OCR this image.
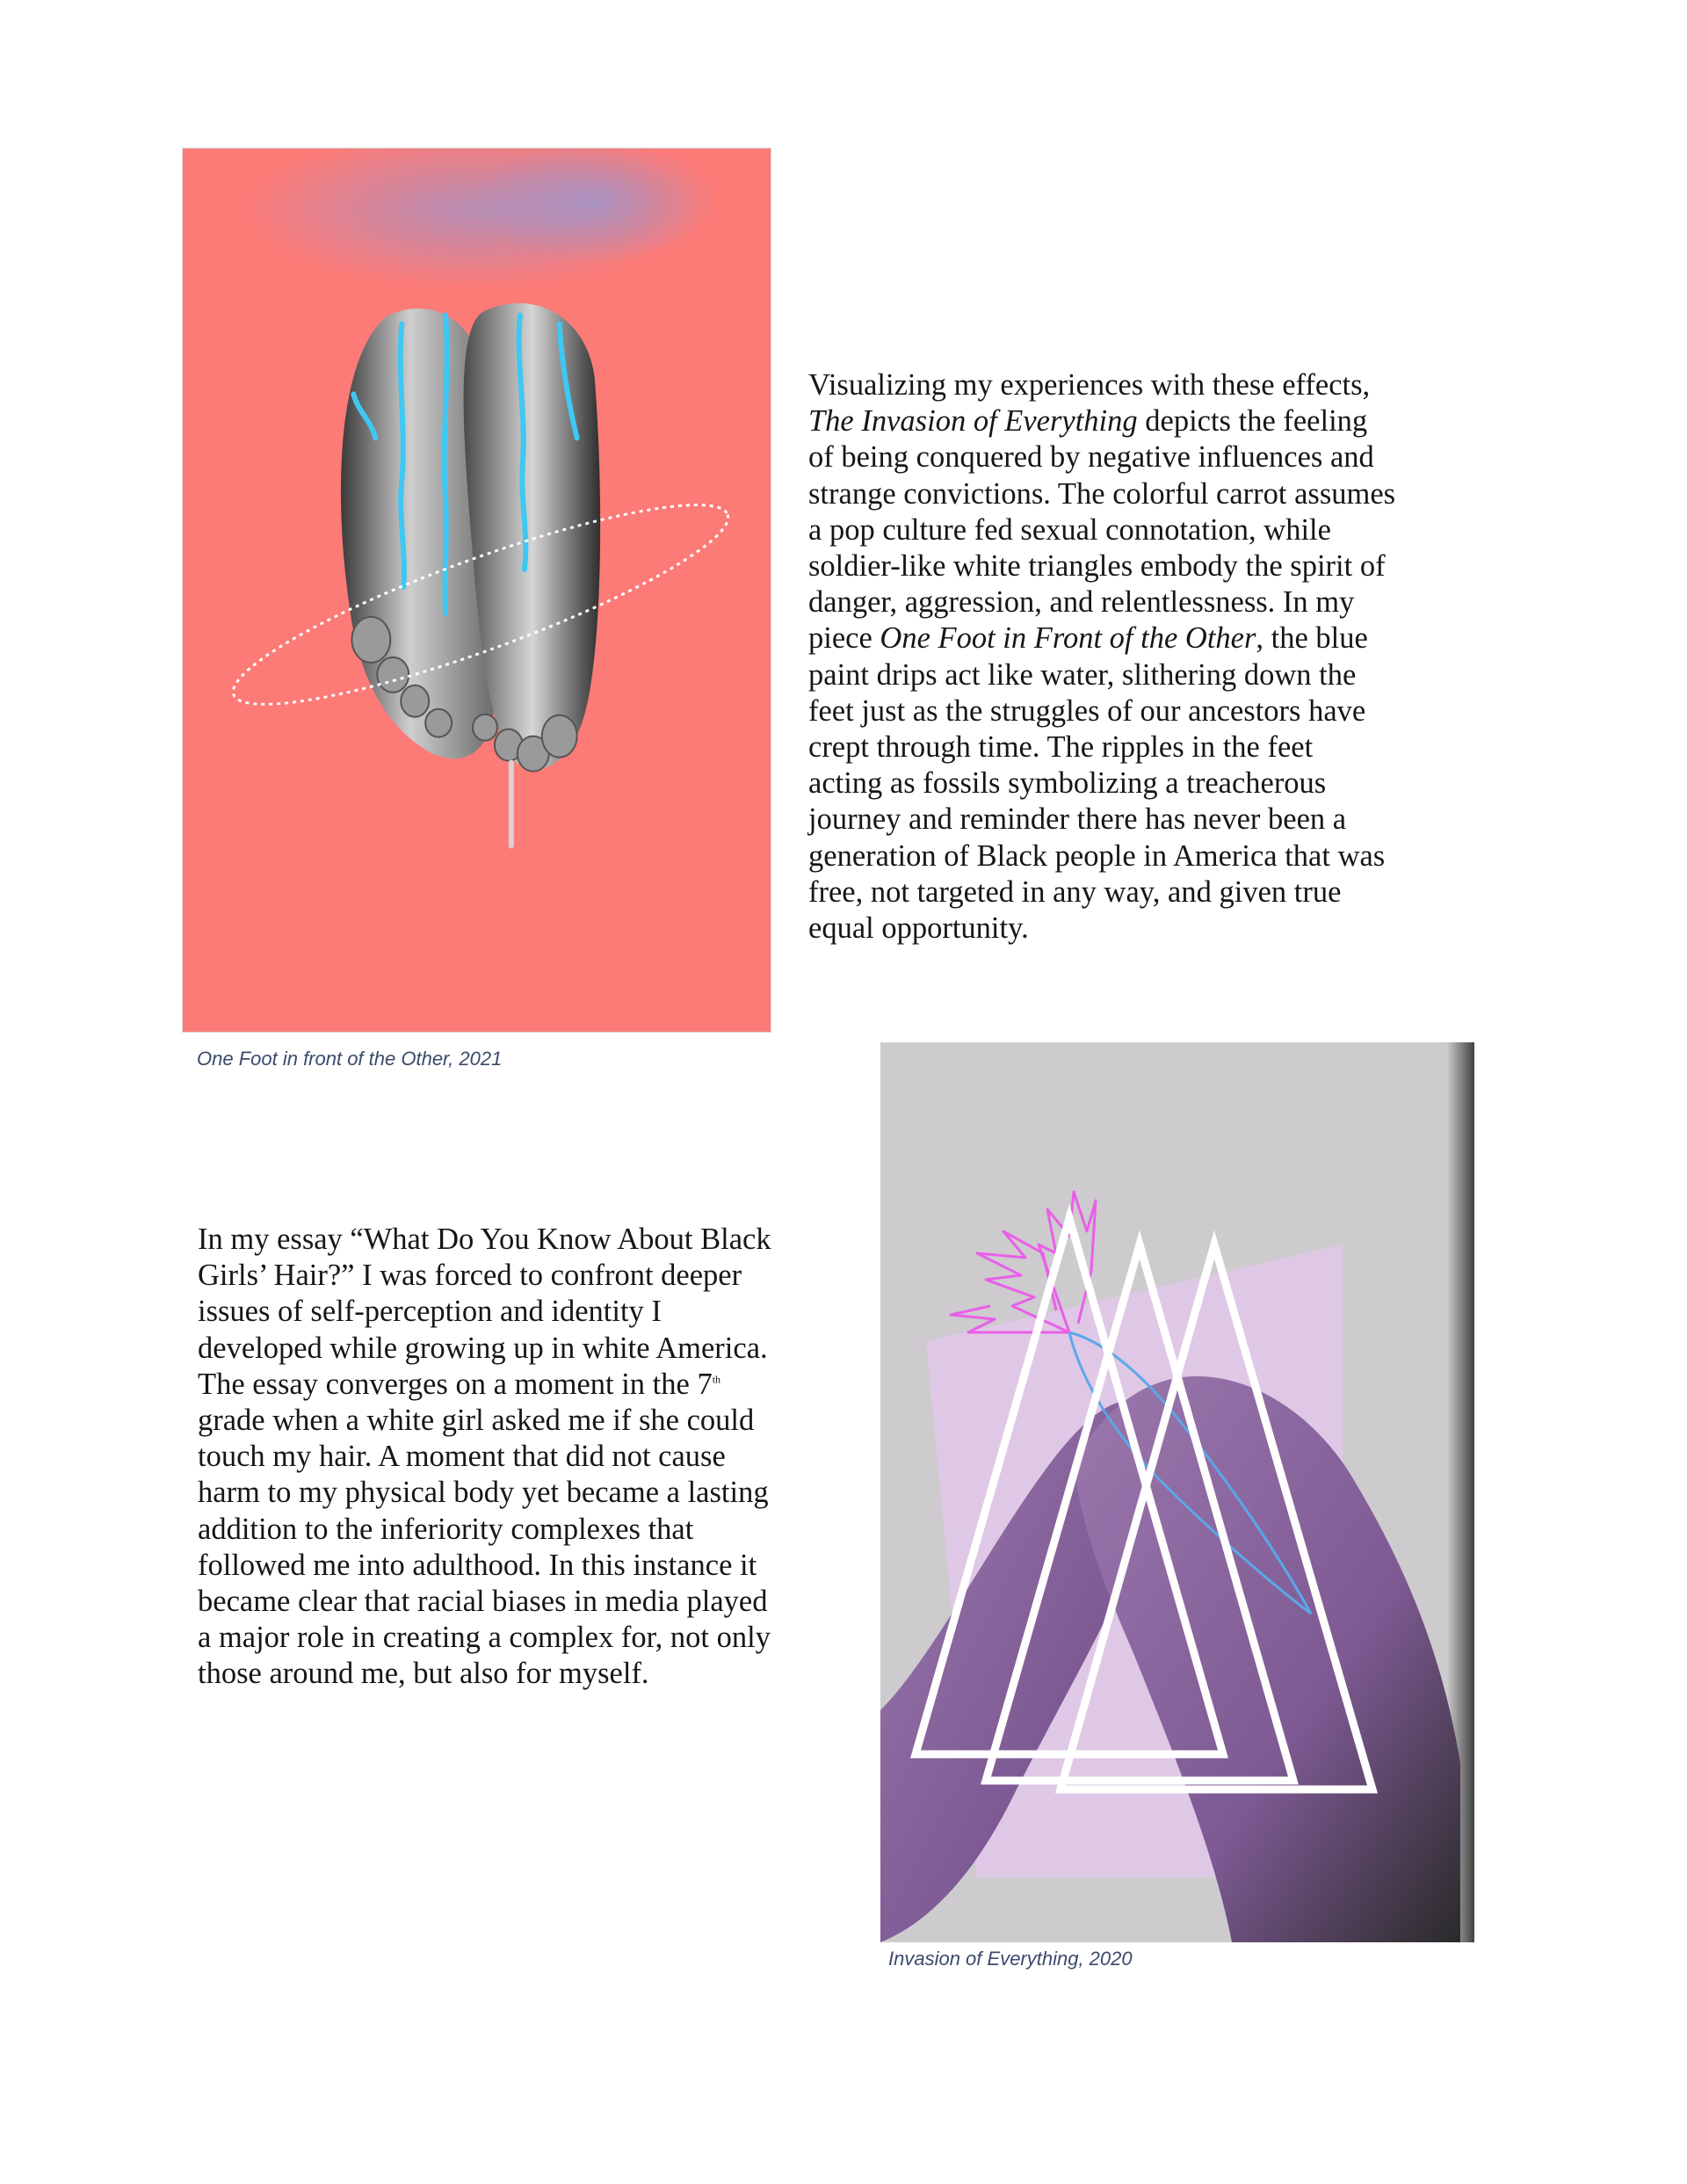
One Foot in front of the Other, 2021
Visualizing my experiences with these effects,
The Invasion of Everything depicts the feeling
of being conquered by negative influences and
strange convictions. The colorful carrot assumes
a pop culture fed sexual connotation, while
soldier-like white triangles embody the spirit of
danger, aggression, and relentlessness. In my
piece One Foot in Front of the Other, the blue
paint drips act like water, slithering down the
feet just as the struggles of our ancestors have
crept through time. The ripples in the feet
acting as fossils symbolizing a treacherous
journey and reminder there has never been a
generation of Black people in America that was
free, not targeted in any way, and given true
equal opportunity.
In my essay “What Do You Know About Black
Girls’ Hair?” I was forced to confront deeper
issues of self-perception and identity I
developed while growing up in white America.
The essay converges on a moment in the 7th
grade when a white girl asked me if she could
touch my hair. A moment that did not cause
harm to my physical body yet became a lasting
addition to the inferiority complexes that
followed me into adulthood. In this instance it
became clear that racial biases in media played
a major role in creating a complex for, not only
those around me, but also for myself.
Invasion of Everything, 2020
